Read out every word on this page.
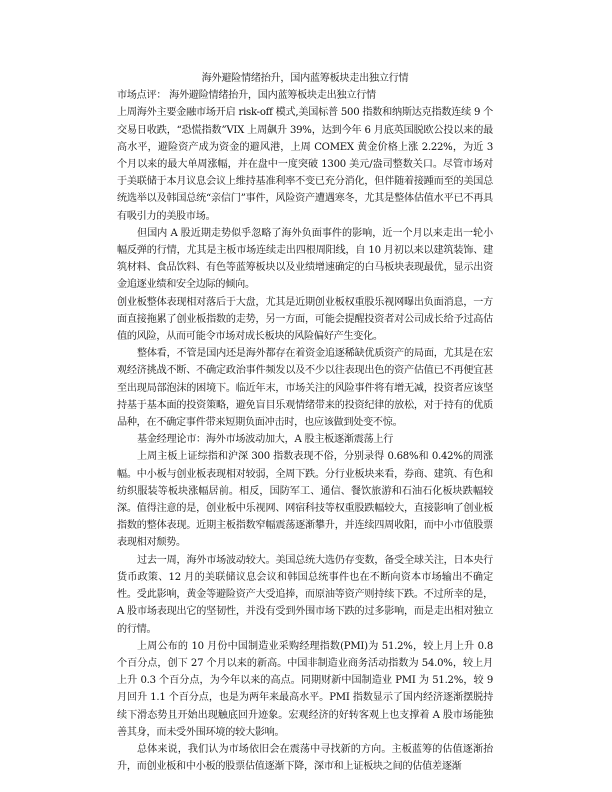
海外避险情绪抬升，国内蓝筹板块走出独立行情
市场点评： 海外避险情绪抬升，国内蓝筹板块走出独立行情

上周海外主要金融市场开启 risk-off 模式,美国标普 500 指数和纳斯达克指数连续 9 个交易日收跌，“恐慌指数”VIX 上周飙升 39%，达到今年 6 月底英国脱欧公投以来的最高水平，避险资产成为资金的避风港，上周 COMEX 黄金价格上涨 2.22%，为近 3 个月以来的最大单周涨幅，并在盘中一度突破 1300 美元/盎司整数关口。尽管市场对于美联储于本月议息会议上维持基准利率不变已充分消化，但伴随着接踵而至的美国总统选举以及韩国总统“亲信门”事件，风险资产遭遇寒冬，尤其是整体估值水平已不再具有吸引力的美股市场。

但国内 A 股近期走势似乎忽略了海外负面事件的影响，近一个月以来走出一轮小幅反弹的行情，尤其是主板市场连续走出四根周阳线，自 10 月初以来以建筑装饰、建筑材料、食品饮料、有色等蓝筹板块以及业绩增速确定的白马板块表现最优，显示出资金追逐业绩和安全边际的倾向。

创业板整体表现相对落后于大盘，尤其是近期创业板权重股乐视网曝出负面消息，一方面直接拖累了创业板指数的走势，另一方面，可能会提醒投资者对公司成长给予过高估值的风险，从而可能令市场对成长板块的风险偏好产生变化。

整体看，不管是国内还是海外都存在着资金追逐稀缺优质资产的局面，尤其是在宏观经济挑战不断、不确定政治事件频发以及不少以往表现出色的资产估值已不再便宜甚至出现局部泡沫的困境下。临近年末，市场关注的风险事件将有增无减，投资者应该坚持基于基本面的投资策略，避免盲目乐观情绪带来的投资纪律的放松，对于持有的优质品种，在不确定事件带来短期负面冲击时，也应该做到处变不惊。

基金经理论市：海外市场波动加大，A 股主板逐渐震荡上行

上周主板上证综指和沪深 300 指数表现不俗，分别录得 0.68%和 0.42%的周涨幅。中小板与创业板表现相对较弱，全周下跌。分行业板块来看，券商、建筑、有色和纺织服装等板块涨幅居前。相反，国防军工、通信、餐饮旅游和石油石化板块跌幅较深。值得注意的是，创业板中乐视网、网宿科技等权重股跌幅较大，直接影响了创业板指数的整体表现。近期主板指数窄幅震荡逐渐攀升，并连续四周收阳，而中小市值股票表现相对颓势。

过去一周，海外市场波动较大。美国总统大选仍存变数，备受全球关注，日本央行货币政策、12 月的美联储议息会议和韩国总统事件也在不断向资本市场输出不确定性。受此影响，黄金等避险资产大受追捧，而原油等资产则持续下跌。不过所幸的是，A 股市场表现出它的坚韧性，并没有受到外围市场下跌的过多影响，而是走出相对独立的行情。

上周公布的 10 月份中国制造业采购经理指数(PMI)为 51.2%，较上月上升 0.8 个百分点，创下 27 个月以来的新高。中国非制造业商务活动指数为 54.0%，较上月上升 0.3 个百分点，为今年以来的高点。同期财新中国制造业 PMI 为 51.2%，较 9 月回升 1.1 个百分点，也是为两年来最高水平。PMI 指数显示了国内经济逐渐摆脱持续下滑态势且开始出现触底回升迹象。宏观经济的好转客观上也支撑着 A 股市场能独善其身，而未受外围环境的较大影响。

总体来说，我们认为市场依旧会在震荡中寻找新的方向。主板蓝筹的估值逐渐抬升，而创业板和中小板的股票估值逐渐下降，深市和上证板块之间的估值差逐渐
